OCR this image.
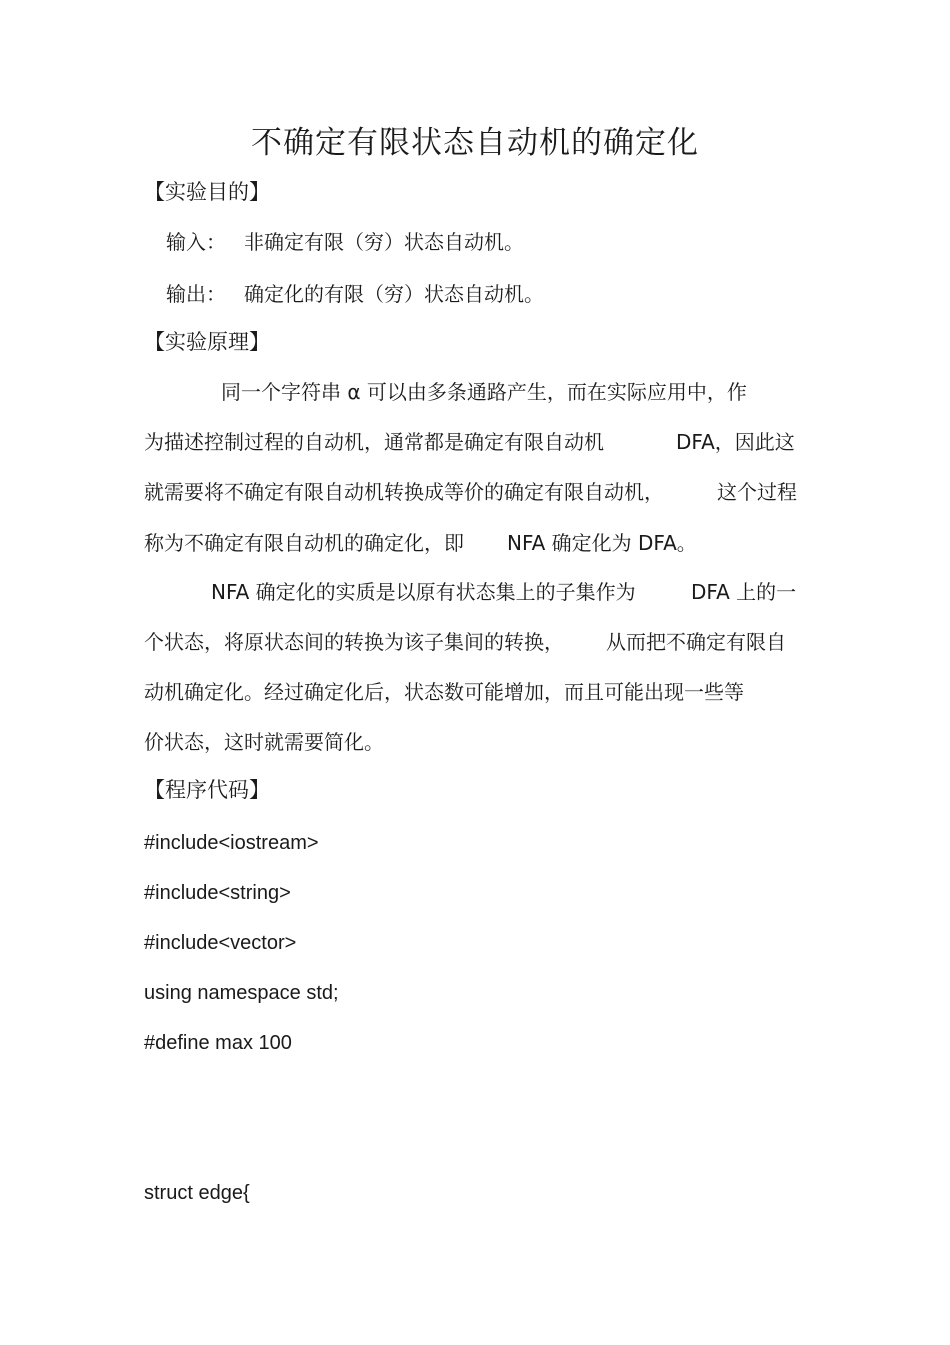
不确定有限状态自动机的确定化
【实验目的】
输入： 非确定有限（穷）状态自动机。
输出： 确定化的有限（穷）状态自动机。
【实验原理】
同一个字符串 α 可以由多条通路产生，而在实际应用中，作
为描述控制过程的自动机，通常都是确定有限自动机	DFA，因此这
就需要将不确定有限自动机转换成等价的确定有限自动机，	这个过程
称为不确定有限自动机的确定化，即 NFA 确定化为 DFA。
NFA 确定化的实质是以原有状态集上的子集作为	DFA 上的一
个状态，将原状态间的转换为该子集间的转换， 从而把不确定有限自
动机确定化。经过确定化后，状态数可能增加，而且可能出现一些等
价状态，这时就需要简化。
【程序代码】
#include<iostream>
#include<string>
#include<vector>
using namespace std;
#define max 100
struct edge{
